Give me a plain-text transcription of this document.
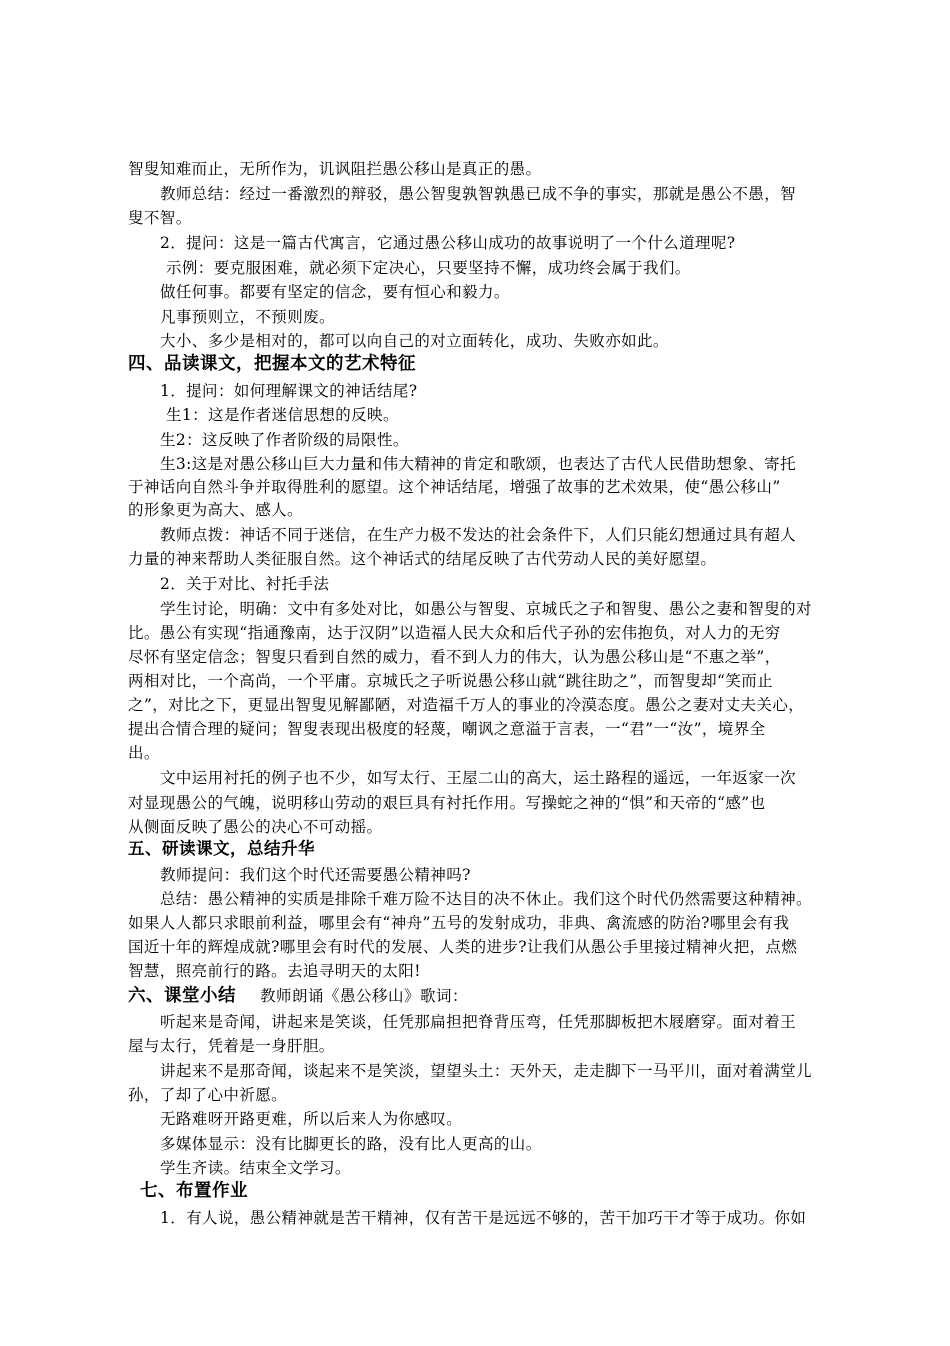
智叟知难而止，无所作为，讥讽阻拦愚公移山是真正的愚。
教师总结：经过一番激烈的辩驳，愚公智叟孰智孰愚已成不争的事实，那就是愚公不愚，智
叟不智。
2．提问：这是一篇古代寓言，它通过愚公移山成功的故事说明了一个什么道理呢?
示例：要克服困难，就必须下定决心，只要坚持不懈，成功终会属于我们。
做任何事。都要有坚定的信念，要有恒心和毅力。
凡事预则立，不预则废。
大小、多少是相对的，都可以向自己的对立面转化，成功、失败亦如此。
四、品读课文，把握本文的艺术特征
1．提问：如何理解课文的神话结尾?
生1：这是作者迷信思想的反映。
生2：这反映了作者阶级的局限性。
生3:这是对愚公移山巨大力量和伟大精神的肯定和歌颂，也表达了古代人民借助想象、寄托
于神话向自然斗争并取得胜利的愿望。这个神话结尾，增强了故事的艺术效果，使“愚公移山”
的形象更为高大、感人。
教师点拨：神话不同于迷信，在生产力极不发达的社会条件下，人们只能幻想通过具有超人
力量的神来帮助人类征服自然。这个神话式的结尾反映了古代劳动人民的美好愿望。
2．关于对比、衬托手法
学生讨论，明确：文中有多处对比，如愚公与智叟、京城氏之子和智叟、愚公之妻和智叟的对
比。愚公有实现“指通豫南，达于汉阴”以造福人民大众和后代子孙的宏伟抱负，对人力的无穷
尽怀有坚定信念；智叟只看到自然的威力，看不到人力的伟大，认为愚公移山是“不惠之举”，
两相对比，一个高尚，一个平庸。京城氏之子听说愚公移山就“跳往助之”，而智叟却“笑而止
之”，对比之下，更显出智叟见解鄙陋，对造福千万人的事业的冷漠态度。愚公之妻对丈夫关心，
提出合情合理的疑问；智叟表现出极度的轻蔑，嘲讽之意溢于言表，一“君”一“汝”，境界全
出。
文中运用衬托的例子也不少，如写太行、王屋二山的高大，运土路程的遥远，一年返家一次
对显现愚公的气魄，说明移山劳动的艰巨具有衬托作用。写操蛇之神的“惧”和天帝的“感”也
从侧面反映了愚公的决心不可动摇。
五、研读课文，总结升华
教师提问：我们这个时代还需要愚公精神吗?
总结：愚公精神的实质是排除千难万险不达目的决不休止。我们这个时代仍然需要这种精神。
如果人人都只求眼前利益，哪里会有“神舟”五号的发射成功，非典、禽流感的防治?哪里会有我
国近十年的辉煌成就?哪里会有时代的发展、人类的进步?让我们从愚公手里接过精神火把，点燃
智慧，照亮前行的路。去追寻明天的太阳!
六、课堂小结 教师朗诵《愚公移山》歌词：
听起来是奇闻，讲起来是笑谈，任凭那扁担把脊背压弯，任凭那脚板把木屐磨穿。面对着王
屋与太行，凭着是一身肝胆。
讲起来不是那奇闻，谈起来不是笑淡，望望头土：天外天，走走脚下一马平川，面对着满堂儿
孙，了却了心中祈愿。
无路难呀开路更难，所以后来人为你感叹。
多媒体显示：没有比脚更长的路，没有比人更高的山。
学生齐读。结束全文学习。
七、布置作业
1．有人说，愚公精神就是苦干精神，仅有苦干是远远不够的，苦干加巧干才等于成功。你如
